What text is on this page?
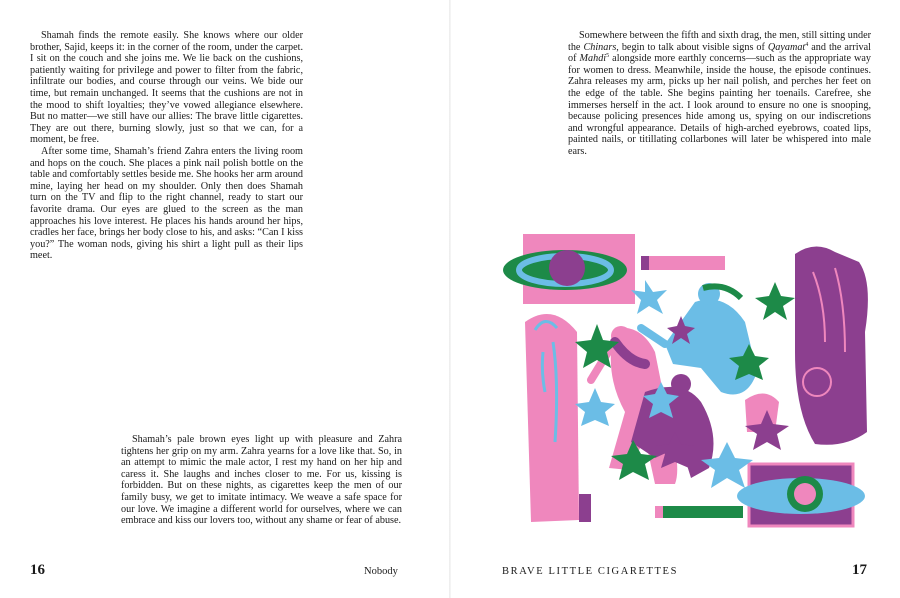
Shamah finds the remote easily. She knows where our older brother, Sajid, keeps it: in the corner of the room, under the carpet. I sit on the couch and she joins me. We lie back on the cushions, patiently waiting for privilege and power to filter from the fabric, infiltrate our bodies, and course through our veins. We bide our time, but remain unchanged. It seems that the cushions are not in the mood to shift loyalties; they’ve vowed allegiance elsewhere. But no matter—we still have our allies: The brave little cigarettes. They are out there, burning slowly, just so that we can, for a moment, be free.

After some time, Shamah’s friend Zahra enters the living room and hops on the couch. She places a pink nail polish bottle on the table and comfortably settles beside me. She hooks her arm around mine, laying her head on my shoulder. Only then does Shamah turn on the TV and flip to the right channel, ready to start our favorite drama. Our eyes are glued to the screen as the man approaches his love interest. He places his hands around her hips, cradles her face, brings her body close to his, and asks: “Can I kiss you?” The woman nods, giving his shirt a light pull as their lips meet.

Shamah’s pale brown eyes light up with pleasure and Zahra tightens her grip on my arm. Zahra yearns for a love like that. So, in an attempt to mimic the male actor, I rest my hand on her hip and caress it. She laughs and inches closer to me. For us, kissing is forbidden. But on these nights, as cigarettes keep the men of our family busy, we get to imitate intimacy. We weave a safe space for our love. We imagine a different world for ourselves, where we can embrace and kiss our lovers too, without any shame or fear of abuse.

Somewhere between the fifth and sixth drag, the men, still sitting under the Chinars, begin to talk about visible signs of Qayamat$^4$ and the arrival of Mahdi$^5$ alongside more earthly concerns—such as the appropriate way for women to dress. Meanwhile, inside the house, the episode continues. Zahra releases my arm, picks up her nail polish, and perches her feet on the edge of the table. She begins painting her toenails. Carefree, she immerses herself in the act. I look around to ensure no one is snooping, because policing presences hide among us, spying on our indiscretions and wrongful appearance. Details of high-arched eyebrows, coated lips, painted nails, or titillating collarbones will later be whispered into male ears.

16	Nobody	BRAVE LITTLE CIGARETTES	17
